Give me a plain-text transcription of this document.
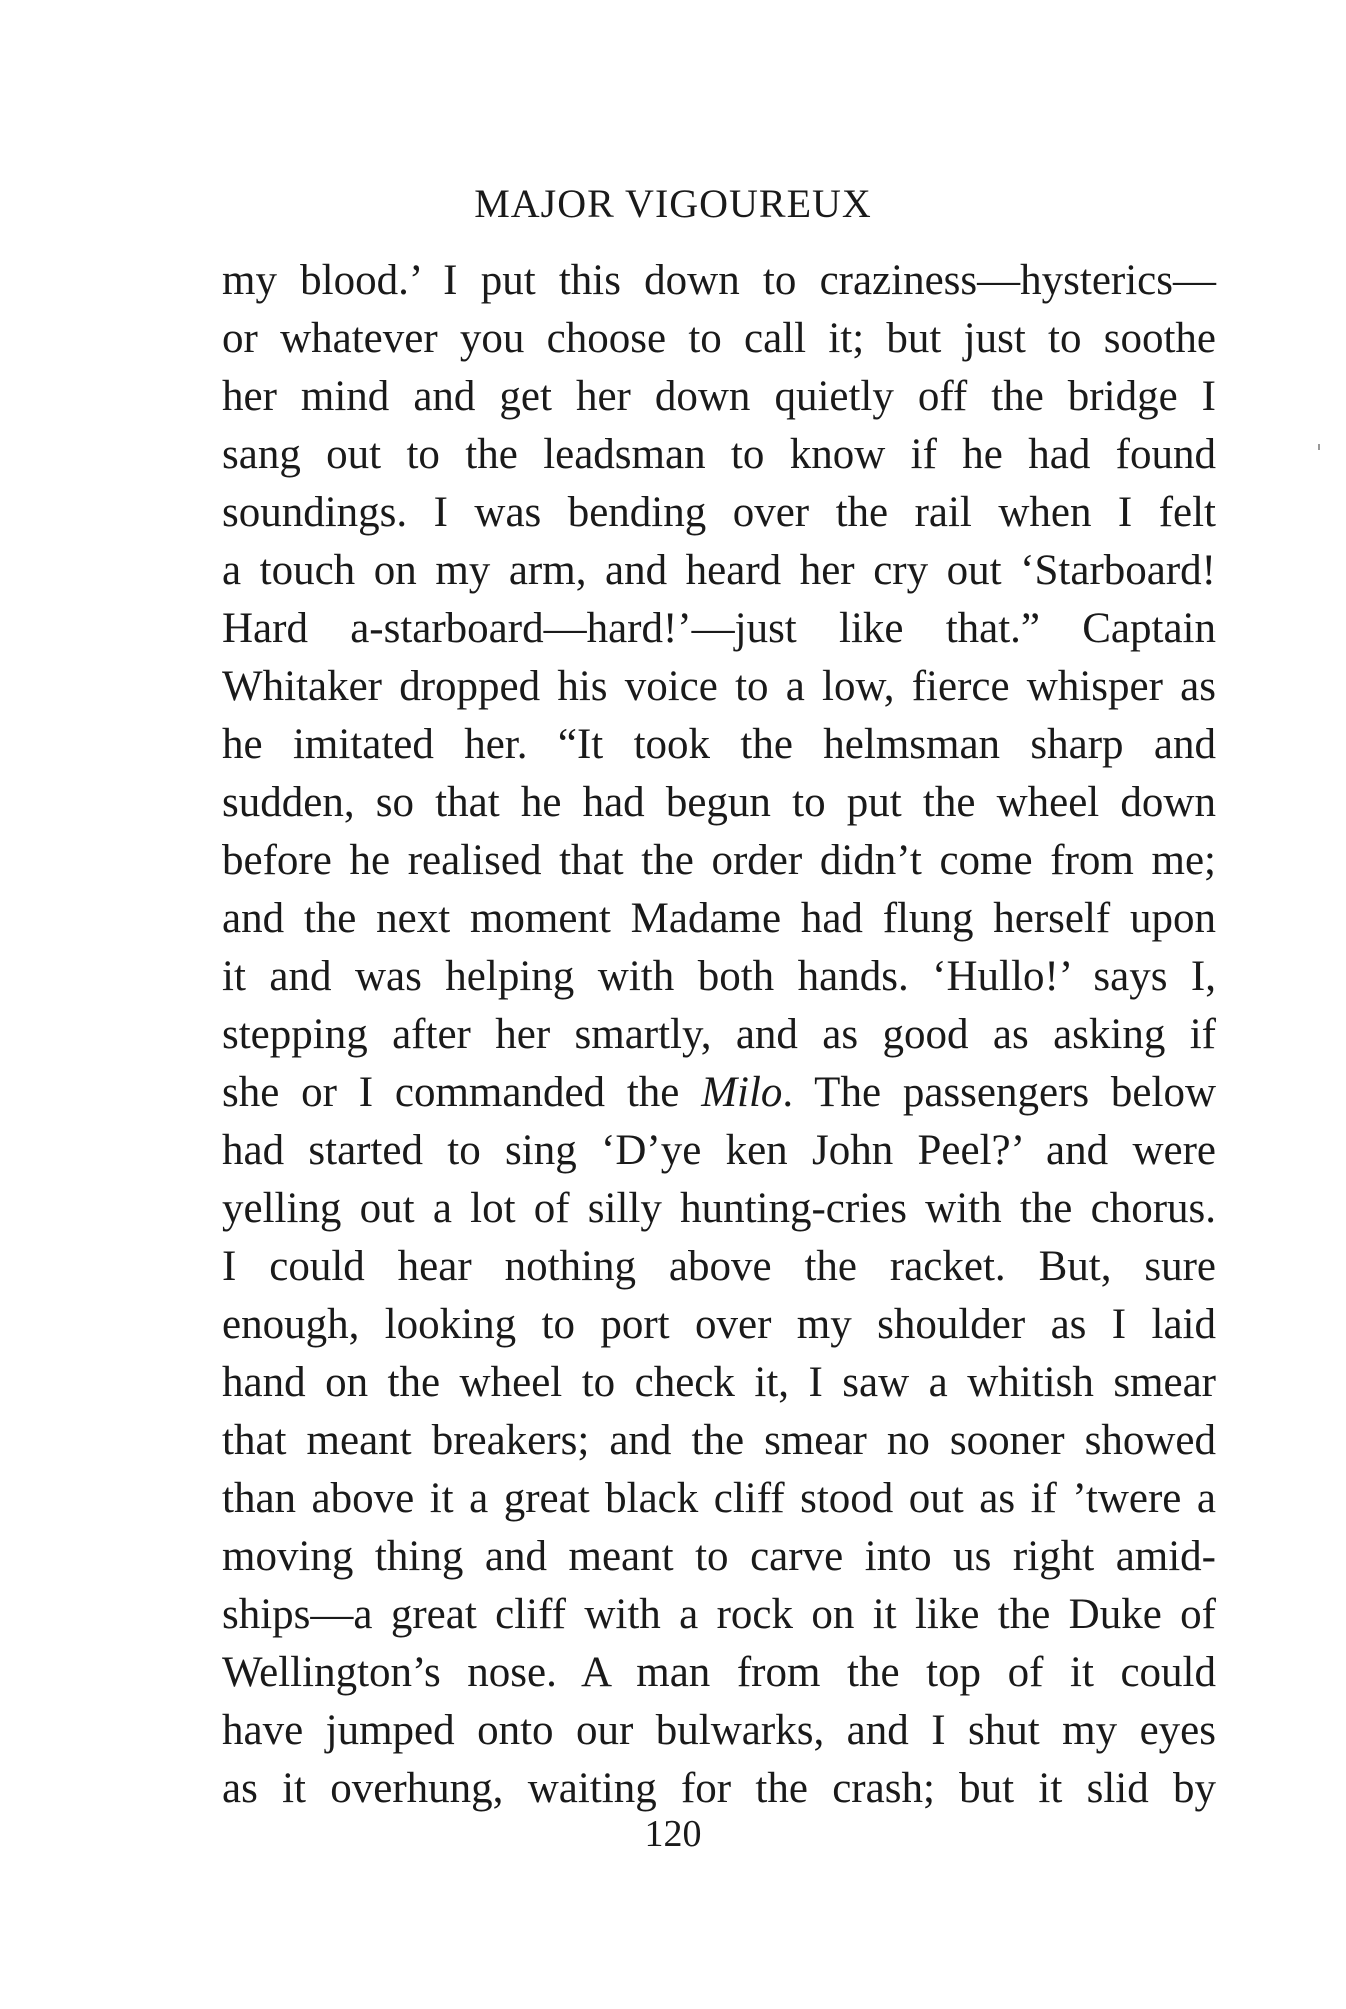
MAJOR VIGOUREUX
my blood.’ I put this down to craziness—hysterics—
or whatever you choose to call it; but just to soothe
her mind and get her down quietly off the bridge I
sang out to the leadsman to know if he had found
soundings. I was bending over the rail when I felt
a touch on my arm, and heard her cry out ‘Starboard!
Hard a-starboard—hard!’—just like that.” Captain
Whitaker dropped his voice to a low, fierce whisper as
he imitated her. “It took the helmsman sharp and
sudden, so that he had begun to put the wheel down
before he realised that the order didn’t come from me;
and the next moment Madame had flung herself upon
it and was helping with both hands. ‘Hullo!’ says I,
stepping after her smartly, and as good as asking if
she or I commanded the Milo. The passengers below
had started to sing ‘D’ye ken John Peel?’ and were
yelling out a lot of silly hunting-cries with the chorus.
I could hear nothing above the racket. But, sure
enough, looking to port over my shoulder as I laid
hand on the wheel to check it, I saw a whitish smear
that meant breakers; and the smear no sooner showed
than above it a great black cliff stood out as if ’twere a
moving thing and meant to carve into us right amid-
ships—a great cliff with a rock on it like the Duke of
Wellington’s nose. A man from the top of it could
have jumped onto our bulwarks, and I shut my eyes
as it overhung, waiting for the crash; but it slid by
120
